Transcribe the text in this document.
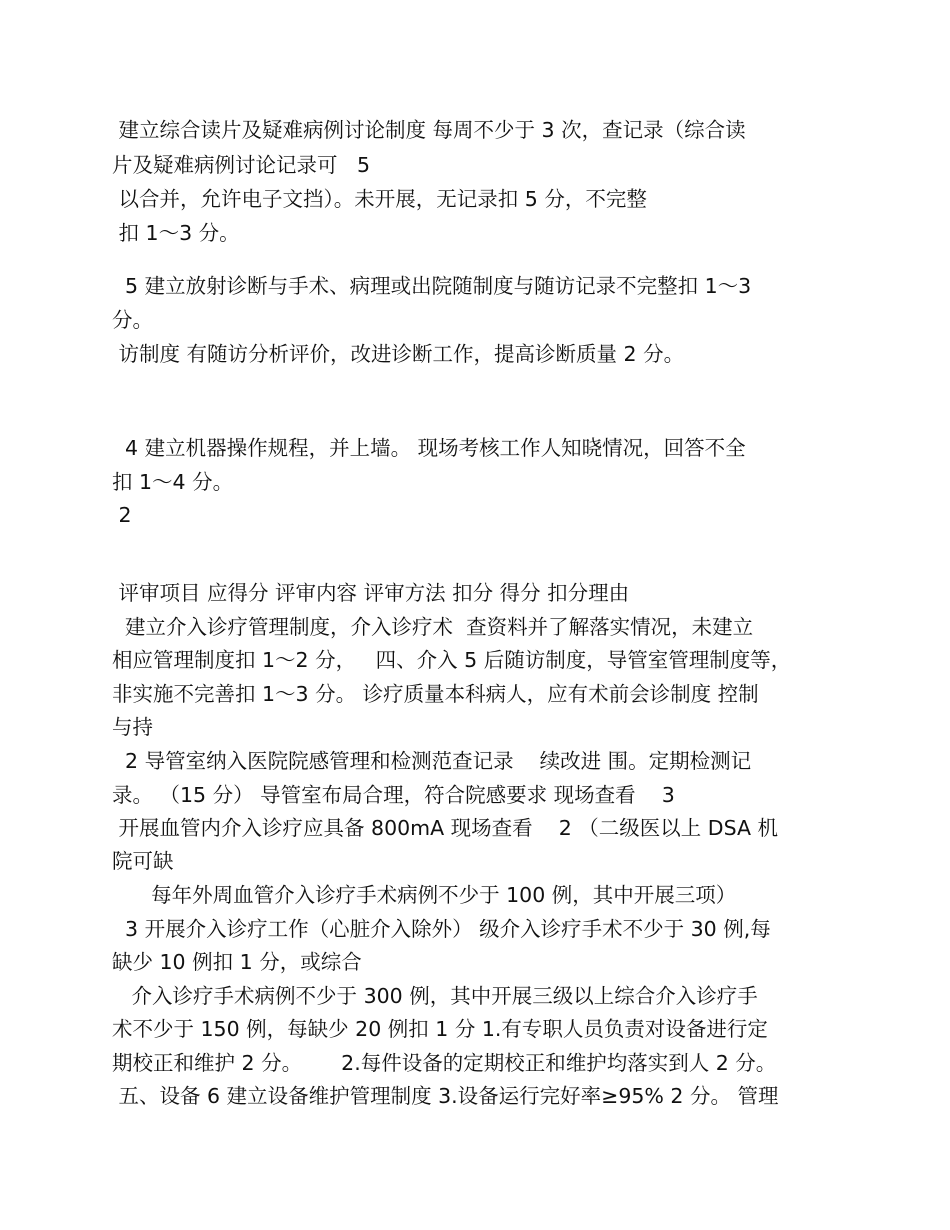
建立综合读片及疑难病例讨论制度 每周不少于 3 次，查记录（综合读
片及疑难病例讨论记录可   5
以合并，允许电子文挡）。未开展，无记录扣 5 分，不完整
扣 1～3 分。
5 建立放射诊断与手术、病理或出院随制度与随访记录不完整扣 1～3
分。
访制度 有随访分析评价，改进诊断工作，提高诊断质量 2 分。
4 建立机器操作规程，并上墙。 现场考核工作人知晓情况，回答不全
扣 1～4 分。
2
评审项目 应得分 评审内容 评审方法 扣分 得分 扣分理由
建立介入诊疗管理制度，介入诊疗术  查资料并了解落实情况，未建立
相应管理制度扣 1～2 分，   四、介入 5 后随访制度，导管室管理制度等，
非实施不完善扣 1～3 分。 诊疗质量本科病人，应有术前会诊制度 控制
与持
2 导管室纳入医院院感管理和检测范查记录    续改进 围。定期检测记
录。 （15 分） 导管室布局合理，符合院感要求 现场查看    3
开展血管内介入诊疗应具备 800mA 现场查看    2 （二级医以上 DSA 机
院可缺
每年外周血管介入诊疗手术病例不少于 100 例，其中开展三项）
3 开展介入诊疗工作（心脏介入除外） 级介入诊疗手术不少于 30 例,每
缺少 10 例扣 1 分，或综合
介入诊疗手术病例不少于 300 例，其中开展三级以上综合介入诊疗手
术不少于 150 例，每缺少 20 例扣 1 分 1.有专职人员负责对设备进行定
期校正和维护 2 分。      2.每件设备的定期校正和维护均落实到人 2 分。
五、设备 6 建立设备维护管理制度 3.设备运行完好率≥95% 2 分。 管理
